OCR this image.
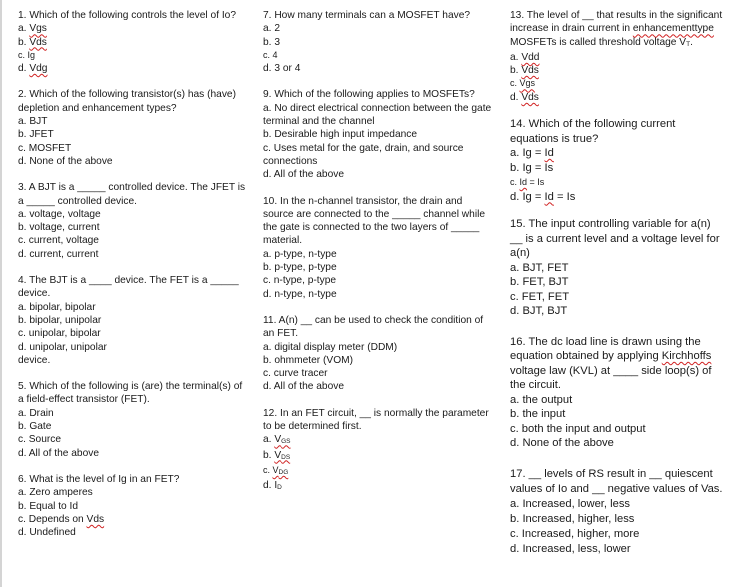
1. Which of the following controls the level of Io?
a. Vgs
b. Vds
c. Ig
d. Vdg
2. Which of the following transistor(s) has (have) depletion and enhancement types?
a. BJT
b. JFET
c. MOSFET
d. None of the above
3. A BJT is a _____ controlled device. The JFET is a _____ controlled device.
a. voltage, voltage
b. voltage, current
c. current, voltage
d. current, current
4. The BJT is a ____ device. The FET is a _____ device.
a. bipolar, bipolar
b. bipolar, unipolar
c. unipolar, bipolar
d. unipolar, unipolar
device.
5. Which of the following is (are) the terminal(s) of a field-effect transistor (FET).
a. Drain
b. Gate
c. Source
d. All of the above
6. What is the level of Ig in an FET?
a. Zero amperes
b. Equal to Id
c. Depends on Vds
d. Undefined
7. How many terminals can a MOSFET have?
a. 2
b. 3
c. 4
d. 3 or 4
9. Which of the following applies to MOSFETs?
a. No direct electrical connection between the gate terminal and the channel
b. Desirable high input impedance
c. Uses metal for the gate, drain, and source connections
d. All of the above
10. In the n-channel transistor, the drain and source are connected to the _____ channel while the gate is connected to the two layers of _____ material.
a. p-type, n-type
b. p-type, p-type
c. n-type, p-type
d. n-type, n-type
11. A(n) __ can be used to check the condition of an FET.
a. digital display meter (DDM)
b. ohmmeter (VOM)
c. curve tracer
d. All of the above
12. In an FET circuit, __ is normally the parameter to be determined first.
a. $V_{GS}$
b. $V_{DS}$
c. $V_{DG}$
d. $I_D$
13. The level of __ that results in the significant increase in drain current in enhancementtype
MOSFETs is called threshold voltage $V_T$.
a. Vdd
b. Vds
c. Vgs
d. Vds
14. Which of the following current equations is true?
a. Ig = Id
b. Ig = Is
c. Id = Is
d. Ig = Id = Is
15. The input controlling variable for a(n) __ is a current level and a voltage level for a(n)
a. BJT, FET
b. FET, BJT
c. FET, FET
d. BJT, BJT
16. The dc load line is drawn using the equation obtained by applying Kirchhoffs voltage law (KVL) at ____ side loop(s) of the circuit.
a. the output
b. the input
c. both the input and output
d. None of the above
17. __ levels of RS result in __ quiescent values of Io and __ negative values of Vas.
a. Increased, lower, less
b. Increased, higher, less
c. Increased, higher, more
d. Increased, less, lower
